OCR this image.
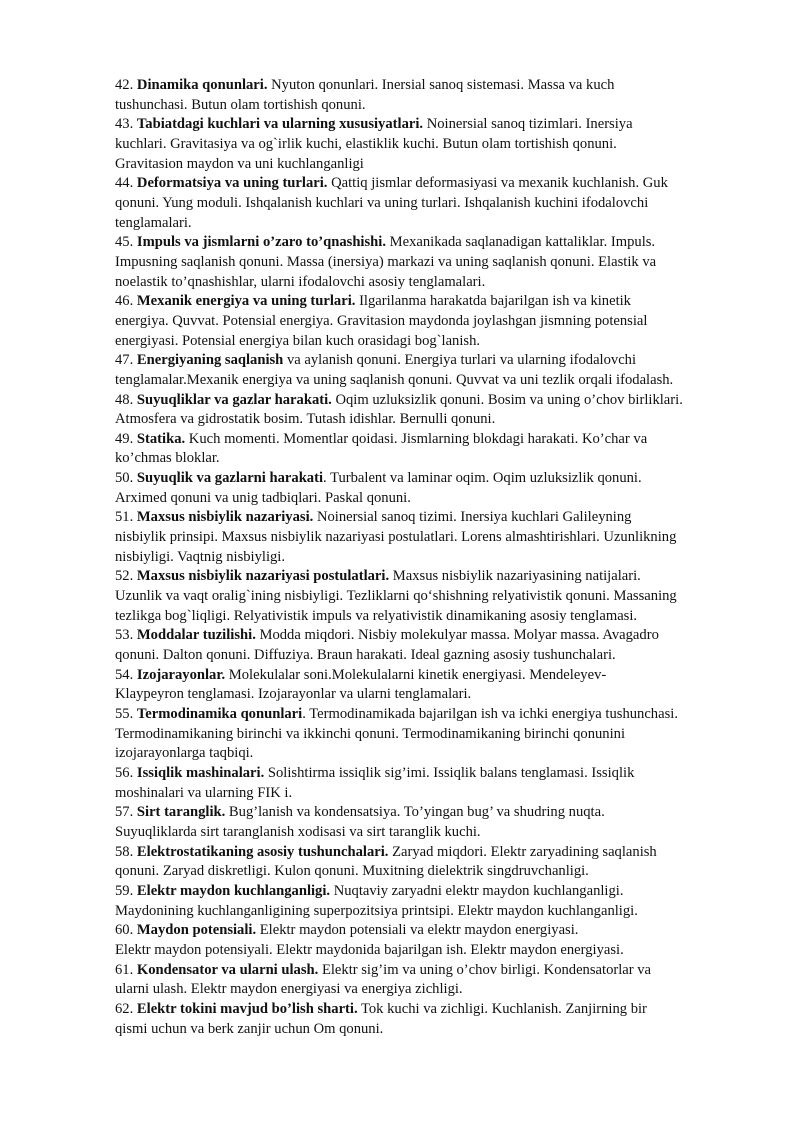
42. Dinamika qonunlari. Nyuton qonunlari. Inersial sanoq sistemasi. Massa va kuch
tushunchasi. Butun olam tortishish qonuni.
43. Tabiatdagi kuchlari va ularning xususiyatlari. Noinersial sanoq tizimlari. Inersiya
kuchlari. Gravitasiya va og`irlik kuchi, elastiklik kuchi. Butun olam tortishish qonuni.
Gravitasion maydon va uni kuchlanganligi
44. Deformatsiya va uning turlari. Qattiq jismlar deformasiyasi va mexanik kuchlanish. Guk
qonuni. Yung moduli. Ishqalanish kuchlari va uning turlari. Ishqalanish kuchini ifodalovchi
tenglamalari.
45. Impuls va jismlarni o’zaro to’qnashishi. Mexanikada saqlanadigan kattaliklar. Impuls.
Impusning saqlanish qonuni. Massa (inersiya) markazi va uning saqlanish qonuni. Elastik va
noelastik to’qnashishlar, ularni ifodalovchi asosiy tenglamalari.
46. Mexanik energiya va uning turlari. Ilgarilanma harakatda bajarilgan ish va kinetik
energiya. Quvvat. Potensial energiya. Gravitasion maydonda joylashgan jismning potensial
energiyasi. Potensial energiya bilan kuch orasidagi bog`lanish.
47. Energiyaning saqlanish va aylanish qonuni. Energiya turlari va ularning ifodalovchi
tenglamalar.Mexanik energiya va uning saqlanish qonuni. Quvvat va uni tezlik orqali ifodalash.
48. Suyuqliklar va gazlar harakati. Oqim uzluksizlik qonuni. Bosim va uning o’chov birliklari.
Atmosfera va gidrostatik bosim. Tutash idishlar. Bernulli qonuni.
49. Statika. Kuch momenti. Momentlar qoidasi. Jismlarning blokdagi harakati. Ko’char va
ko’chmas bloklar.
50. Suyuqlik va gazlarni harakati. Turbalent va laminar oqim. Oqim uzluksizlik qonuni.
Arximed qonuni va unig tadbiqlari. Paskal qonuni.
51. Maxsus nisbiylik nazariyasi. Noinersial sanoq tizimi. Inersiya kuchlari Galileyning
nisbiylik prinsipi. Maxsus nisbiylik nazariyasi postulatlari. Lorens almashtirishlari. Uzunlikning
nisbiyligi. Vaqtnig nisbiyligi.
52. Maxsus nisbiylik nazariyasi postulatlari. Maxsus nisbiylik nazariyasining natijalari.
Uzunlik va vaqt oralig`ining nisbiyligi. Tezliklarni qo‘shishning relyativistik qonuni. Massaning
tezlikga bog`liqligi. Relyativistik impuls va relyativistik dinamikaning asosiy tenglamasi.
53. Moddalar tuzilishi. Modda miqdori. Nisbiy molekulyar massa. Molyar massa. Avagadro
qonuni. Dalton qonuni. Diffuziya. Braun harakati. Ideal gazning asosiy tushunchalari.
54. Izojarayonlar. Molekulalar soni.Molekulalarni kinetik energiyasi. Mendeleyev-
Klaypeyron tenglamasi. Izojarayonlar va ularni tenglamalari.
55. Termodinamika qonunlari. Termodinamikada bajarilgan ish va ichki energiya tushunchasi.
Termodinamikaning birinchi va ikkinchi qonuni. Termodinamikaning birinchi qonunini
izojarayonlarga taqbiqi.
56. Issiqlik mashinalari. Solishtirma issiqlik sig’imi. Issiqlik balans tenglamasi. Issiqlik
moshinalari va ularning FIK i.
57. Sirt taranglik. Bug’lanish va kondensatsiya. To’yingan bug’ va shudring nuqta.
Suyuqliklarda sirt taranglanish xodisasi va sirt taranglik kuchi.
58. Elektrostatikaning asosiy tushunchalari. Zaryad miqdori. Elektr zaryadining saqlanish
qonuni. Zaryad diskretligi. Kulon qonuni. Muxitning dielektrik singdruvchanligi.
59. Elektr maydon kuchlanganligi. Nuqtaviy zaryadni elektr maydon kuchlanganligi.
Maydonining kuchlanganligining superpozitsiya printsipi. Elektr maydon kuchlanganligi.
60. Maydon potensiali. Elektr maydon potensiali va elektr maydon energiyasi.
Elektr maydon potensiyali. Elektr maydonida bajarilgan ish. Elektr maydon energiyasi.
61. Kondensator va ularni ulash. Elektr sig’im va uning o’chov birligi. Kondensatorlar va
ularni ulash. Elektr maydon energiyasi va energiya zichligi.
62. Elektr tokini mavjud bo’lish sharti. Tok kuchi va zichligi. Kuchlanish. Zanjirning bir
qismi uchun va berk zanjir uchun Om qonuni.
